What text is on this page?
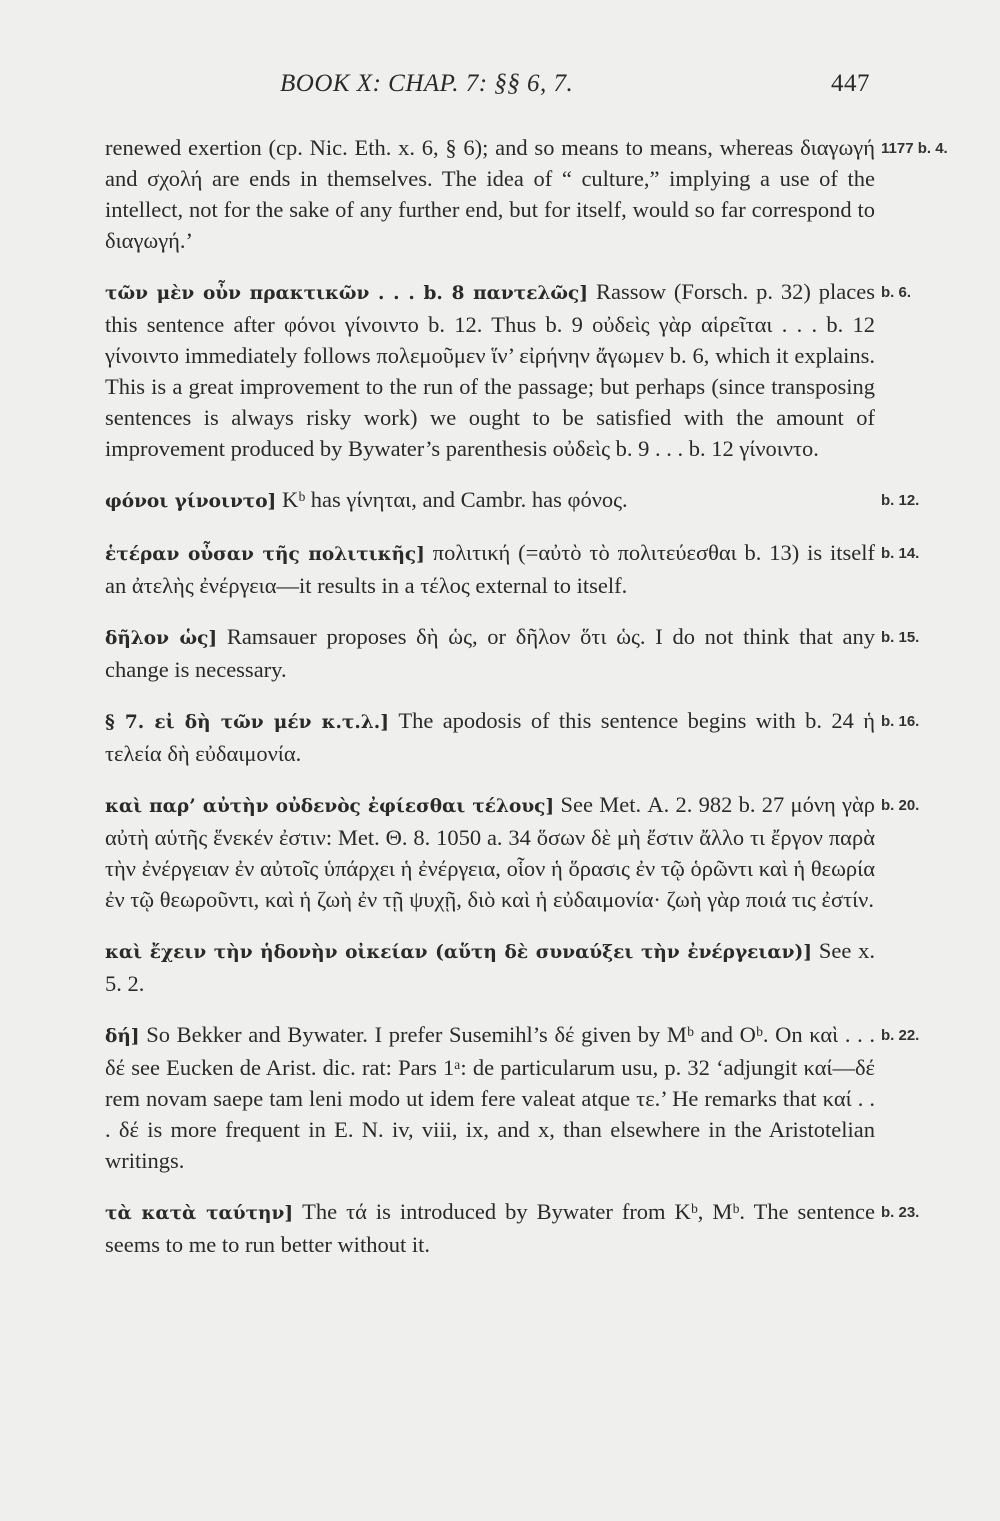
BOOK X: CHAP. 7: §§ 6, 7.	447

renewed exertion (cp. Nic. Eth. x. 6, § 6); and so means to means, whereas διαγωγή and σχολή are ends in themselves. The idea of “ culture,” implying a use of the intellect, not for the sake of any further end, but for itself, would so far correspond to διαγωγή.’
1177 b. 4.

τῶν μὲν οὖν πρακτικῶν . . . b. 8 παντελῶς] Rassow (Forsch. p. 32) places this sentence after φόνοι γίνοιντο b. 12. Thus b. 9 οὐδεὶς γὰρ αἱρεῖται . . . b. 12 γίνοιντο immediately follows πολεμοῦμεν ἵν’ εἰρήνην ἄγωμεν b. 6, which it explains. This is a great improvement to the run of the passage; but perhaps (since transposing sentences is always risky work) we ought to be satisfied with the amount of improvement produced by Bywater’s parenthesis οὐδεὶς b. 9 . . . b. 12 γίνοιντο.
b. 6.

φόνοι γίνοιντο] Kᵇ has γίνηται, and Cambr. has φόνος.	b. 12.

ἑτέραν οὖσαν τῆς πολιτικῆς] πολιτική (=αὐτὸ τὸ πολιτεύεσθαι b. 13) is itself an ἀτελὴς ἐνέργεια—it results in a τέλος external to itself.
b. 14.

δῆλον ὡς] Ramsauer proposes δὴ ὡς, or δῆλον ὅτι ὡς. I do not think that any change is necessary.
b. 15.

§ 7. εἰ δὴ τῶν μέν κ.τ.λ.] The apodosis of this sentence begins with b. 24 ἡ τελεία δὴ εὐδαιμονία.
b. 16.

καὶ παρ’ αὐτὴν οὐδενὸς ἐφίεσθαι τέλους] See Met. Α. 2. 982 b. 27 μόνη γὰρ αὐτὴ αὑτῆς ἕνεκέν ἐστιν: Met. Θ. 8. 1050 a. 34 ὅσων δὲ μὴ ἔστιν ἄλλο τι ἔργον παρὰ τὴν ἐνέργειαν ἐν αὐτοῖς ὑπάρχει ἡ ἐνέργεια, οἷον ἡ ὅρασις ἐν τῷ ὁρῶντι καὶ ἡ θεωρία ἐν τῷ θεωροῦντι, καὶ ἡ ζωὴ ἐν τῇ ψυχῇ, διὸ καὶ ἡ εὐδαιμονία· ζωὴ γὰρ ποιά τις ἐστίν.
b. 20.

καὶ ἔχειν τὴν ἡδονὴν οἰκείαν (αὕτη δὲ συναύξει τὴν ἐνέργειαν)] See x. 5. 2.

δή] So Bekker and Bywater. I prefer Susemihl’s δέ given by Mᵇ and Oᵇ. On καὶ . . . δέ see Eucken de Arist. dic. rat: Pars 1ᵃ: de particularum usu, p. 32 ‘adjungit καί—δέ rem novam saepe tam leni modo ut idem fere valeat atque τε.’ He remarks that καί . . . δέ is more frequent in E. N. iv, viii, ix, and x, than elsewhere in the Aristotelian writings.
b. 22.

τὰ κατὰ ταύτην] The τά is introduced by Bywater from Kᵇ, Mᵇ. The sentence seems to me to run better without it.
b. 23.
